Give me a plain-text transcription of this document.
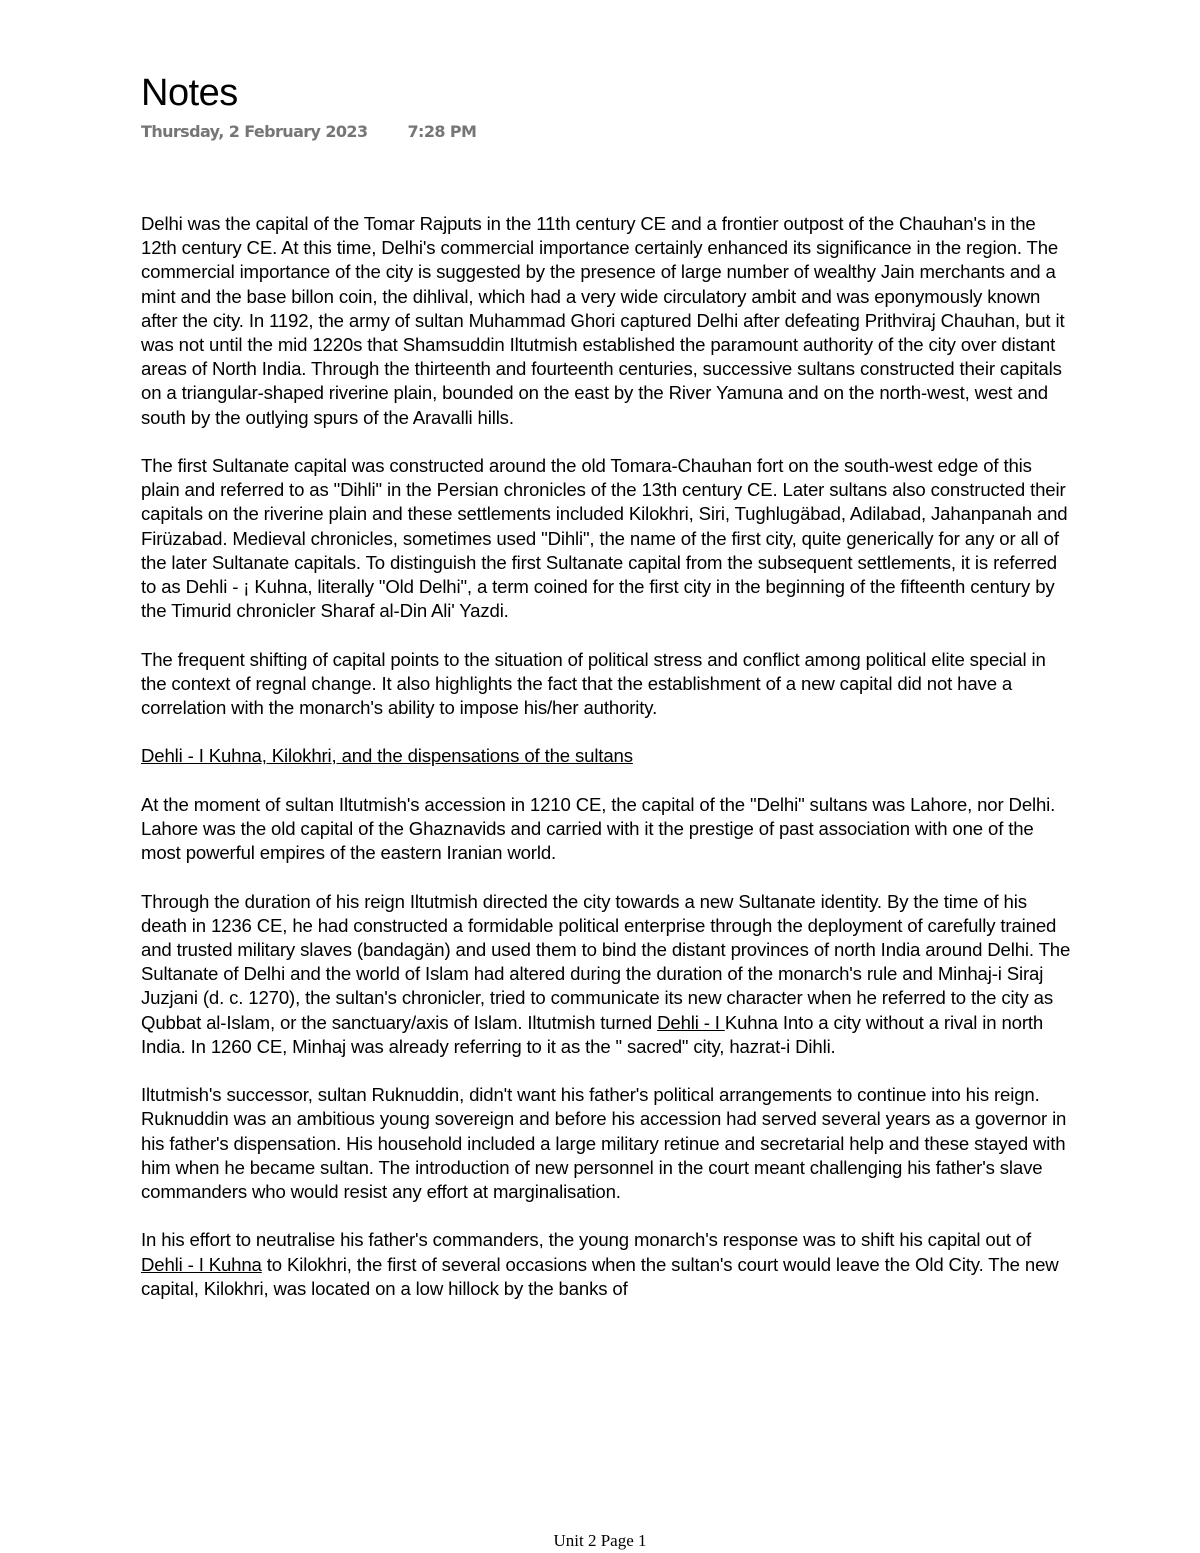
Notes
Thursday, 2 February 2023	7:28 PM

Delhi was the capital of the Tomar Rajputs in the 11th century CE and a frontier outpost of the Chauhan's in the 12th century CE. At this time, Delhi's commercial importance certainly enhanced its significance in the region. The commercial importance of the city is suggested by the presence of large number of wealthy Jain merchants and a mint and the base billon coin, the dihlival, which had a very wide circulatory ambit and was eponymously known after the city. In 1192, the army of sultan Muhammad Ghori captured Delhi after defeating Prithviraj Chauhan, but it was not until the mid 1220s that Shamsuddin Iltutmish established the paramount authority of the city over distant areas of North India. Through the thirteenth and fourteenth centuries, successive sultans constructed their capitals on a triangular-shaped riverine plain, bounded on the east by the River Yamuna and on the north-west, west and south by the outlying spurs of the Aravalli hills.

The first Sultanate capital was constructed around the old Tomara-Chauhan fort on the south-west edge of this plain and referred to as "Dihli" in the Persian chronicles of the 13th century CE. Later sultans also constructed their capitals on the riverine plain and these settlements included Kilokhri, Siri, Tughlugäbad, Adilabad, Jahanpanah and Firüzabad. Medieval chronicles, sometimes used "Dihli", the name of the first city, quite generically for any or all of the later Sultanate capitals. To distinguish the first Sultanate capital from the subsequent settlements, it is referred to as Dehli - ¡ Kuhna, literally "Old Delhi", a term coined for the first city in the beginning of the fifteenth century by the Timurid chronicler Sharaf al-Din Ali' Yazdi.

The frequent shifting of capital points to the situation of political stress and conflict among political elite special in the context of regnal change. It also highlights the fact that the establishment of a new capital did not have a correlation with the monarch's ability to impose his/her authority.

Dehli - I Kuhna, Kilokhri, and the dispensations of the sultans

At the moment of sultan Iltutmish's accession in 1210 CE, the capital of the "Delhi" sultans was Lahore, nor Delhi. Lahore was the old capital of the Ghaznavids and carried with it the prestige of past association with one of the most powerful empires of the eastern Iranian world.

Through the duration of his reign Iltutmish directed the city towards a new Sultanate identity. By the time of his death in 1236 CE, he had constructed a formidable political enterprise through the deployment of carefully trained and trusted military slaves (bandagän) and used them to bind the distant provinces of north India around Delhi. The Sultanate of Delhi and the world of Islam had altered during the duration of the monarch's rule and Minhaj-i Siraj Juzjani (d. c. 1270), the sultan's chronicler, tried to communicate its new character when he referred to the city as Qubbat al-Islam, or the sanctuary/axis of Islam. Iltutmish turned Dehli - I Kuhna Into a city without a rival in north India. In 1260 CE, Minhaj was already referring to it as the " sacred" city, hazrat-i Dihli.

Iltutmish's successor, sultan Ruknuddin, didn't want his father's political arrangements to continue into his reign. Ruknuddin was an ambitious young sovereign and before his accession had served several years as a governor in his father's dispensation. His household included a large military retinue and secretarial help and these stayed with him when he became sultan. The introduction of new personnel in the court meant challenging his father's slave commanders who would resist any effort at marginalisation.

In his effort to neutralise his father's commanders, the young monarch's response was to shift his capital out of Dehli - I Kuhna to Kilokhri, the first of several occasions when the sultan's court would leave the Old City. The new capital, Kilokhri, was located on a low hillock by the banks of

Unit 2 Page 1
